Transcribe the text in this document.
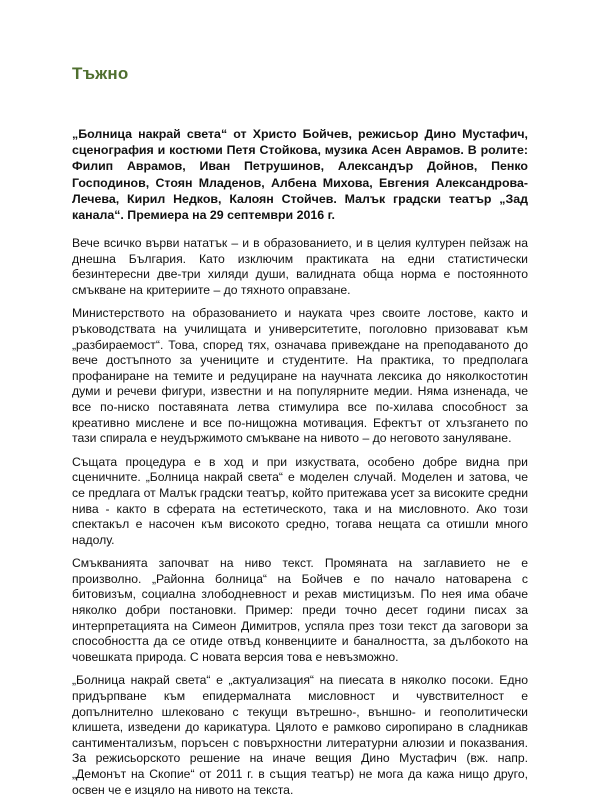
Тъжно

„Болница накрай света“ от Христо Бойчев, режисьор Дино Мустафич, сценография и костюми Петя Стойкова, музика Асен Аврамов. В ролите: Филип Аврамов, Иван Петрушинов, Александър Дойнов, Пенко Господинов, Стоян Младенов, Албена Михова, Евгения Александрова-Лечева, Кирил Недков, Калоян Стойчев. Малък градски театър „Зад канала“. Премиера на 29 септември 2016 г.

Вече всичко върви нататък – и в образованието, и в целия културен пейзаж на днешна България. Като изключим практиката на едни статистически безинтересни две-три хиляди души, валидната обща норма е постоянното смъкване на критериите – до тяхното оправзане.

Министерството на образованието и науката чрез своите лостове, както и ръководствата на училищата и университетите, поголовно призовават към „разбираемост“. Това, според тях, означава привеждане на преподаваното до вече достъпното за учениците и студентите. На практика, то предполага профаниране на темите и редуциране на научната лексика до няколкостотин думи и речеви фигури, известни и на популярните медии. Няма изненада, че все по-ниско поставяната летва стимулира все по-хилава способност за креативно мислене и все по-нищожна мотивация. Ефектът от хлъзгането по тази спирала е неудържимото смъкване на нивото – до неговото зануляване.

Същата процедура е в ход и при изкуствата, особено добре видна при сценичните. „Болница накрай света“ е моделен случай. Моделен и затова, че се предлага от Малък градски театър, който притежава усет за високите средни нива - както в сферата на естетическото, така и на мисловното. Ако този спектакъл е насочен към високото средно, тогава нещата са отишли много надолу.

Смъкванията започват на ниво текст. Промяната на заглавието не е произволно. „Районна болница“ на Бойчев е по начало натоварена с битовизъм, социална злободневност и рехав мистицизъм. По нея има обаче няколко добри постановки. Пример: преди точно десет години писах за интерпретацията на Симеон Димитров, успяла през този текст да заговори за способността да се отиде отвъд конвенциите и баналността, за дълбокото на човешката природа. С новата версия това е невъзможно.

„Болница накрай света“ е „актуализация“ на пиесата в няколко посоки. Едно придърпване към епидермалната мисловност и чувствителност е допълнително шлековано с текущи вътрешно-, външно- и геополитически клишета, изведени до карикатура. Цялото е рамково сиропирано в сладникав сантиментализъм, поръсен с повърхностни литературни алюзии и показвания. За режисьорското решение на иначе вещия Дино Мустафич (вж. напр. „Демонът на Скопие“ от 2011 г. в същия театър) не мога да кажа нищо друго, освен че е изцяло на нивото на текста.
